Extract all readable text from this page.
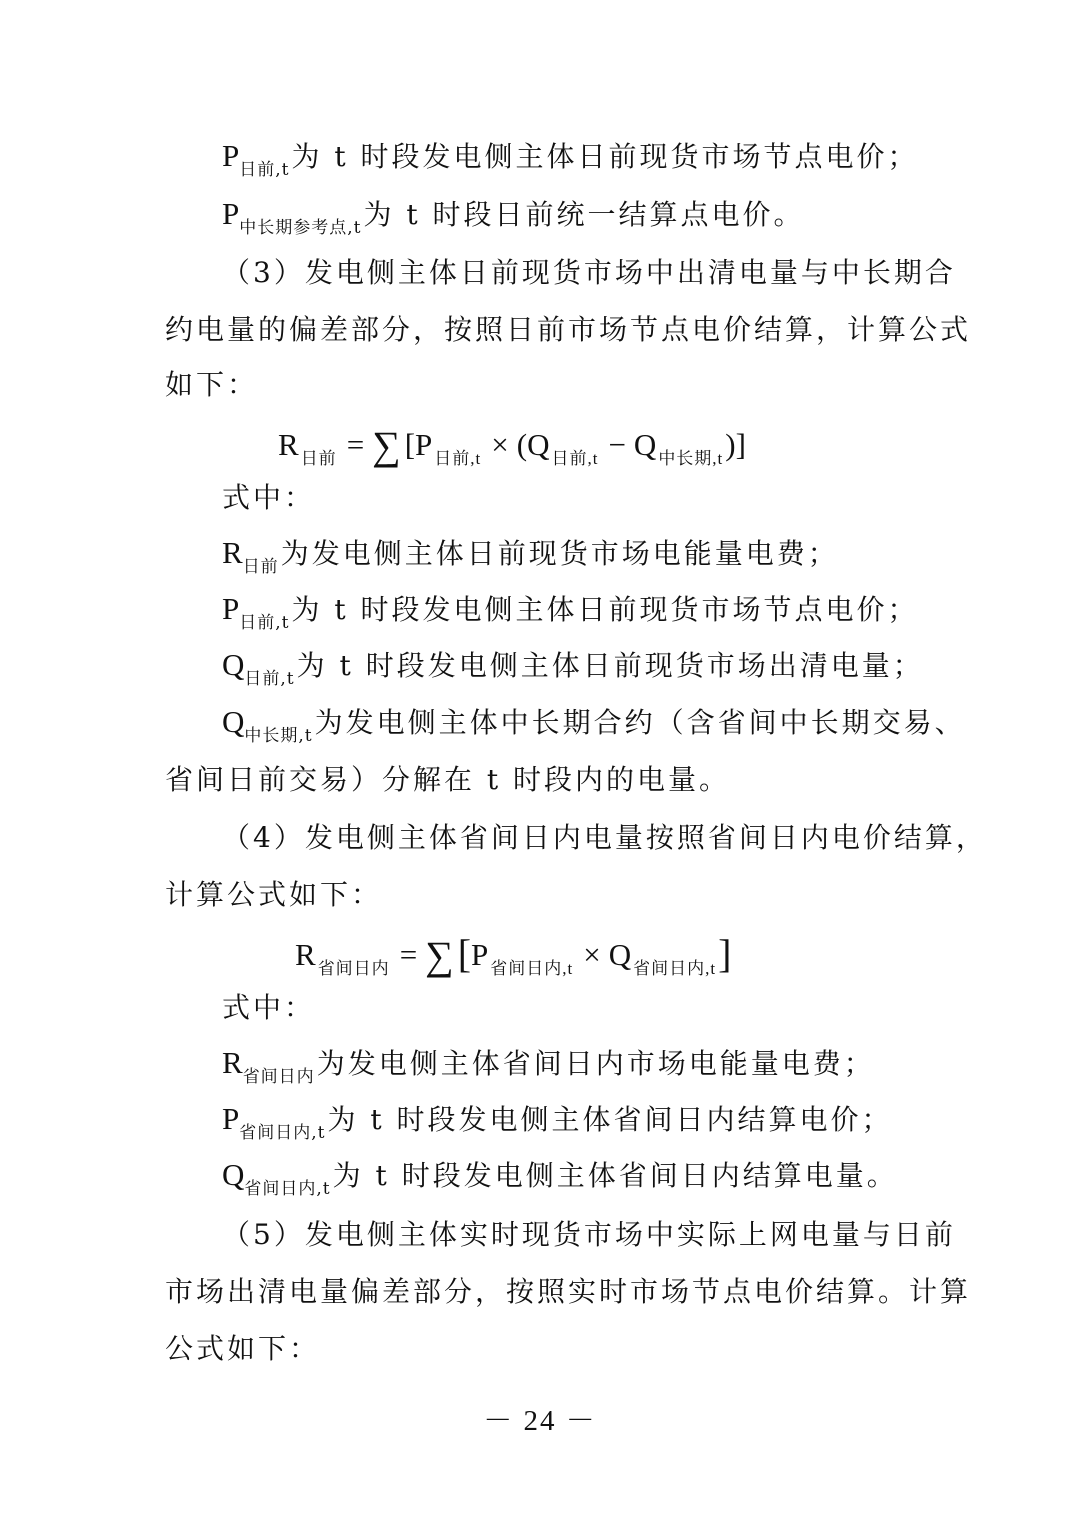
$P_{日前,t}$为 t 时段发电侧主体日前现货市场节点电价；
$P_{中长期参考点,t}$为 t 时段日前统一结算点电价。
（3）发电侧主体日前现货市场中出清电量与中长期合
约电量的偏差部分，按照日前市场节点电价结算，计算公式
如下：
R $_{日前}$ = ∑ [P $_{日前,t}$ × (Q $_{日前,t}$ − Q $_{中长期,t}$)]
式中：
$R_{日前}$为发电侧主体日前现货市场电能量电费；
$P_{日前,t}$为 t 时段发电侧主体日前现货市场节点电价；
$Q_{日前,t}$为 t 时段发电侧主体日前现货市场出清电量；
$Q_{中长期,t}$为发电侧主体中长期合约（含省间中长期交易、
省间日前交易）分解在 t 时段内的电量。
（4）发电侧主体省间日内电量按照省间日内电价结算，
计算公式如下：
R $_{省间日内}$ = ∑ [P $_{省间日内,t}$ × Q $_{省间日内,t}$]
式中：
$R_{省间日内}$为发电侧主体省间日内市场电能量电费；
$P_{省间日内,t}$为 t 时段发电侧主体省间日内结算电价；
$Q_{省间日内,t}$为 t 时段发电侧主体省间日内结算电量。
（5）发电侧主体实时现货市场中实际上网电量与日前
市场出清电量偏差部分，按照实时市场节点电价结算。计算
公式如下：
－ 24 －
